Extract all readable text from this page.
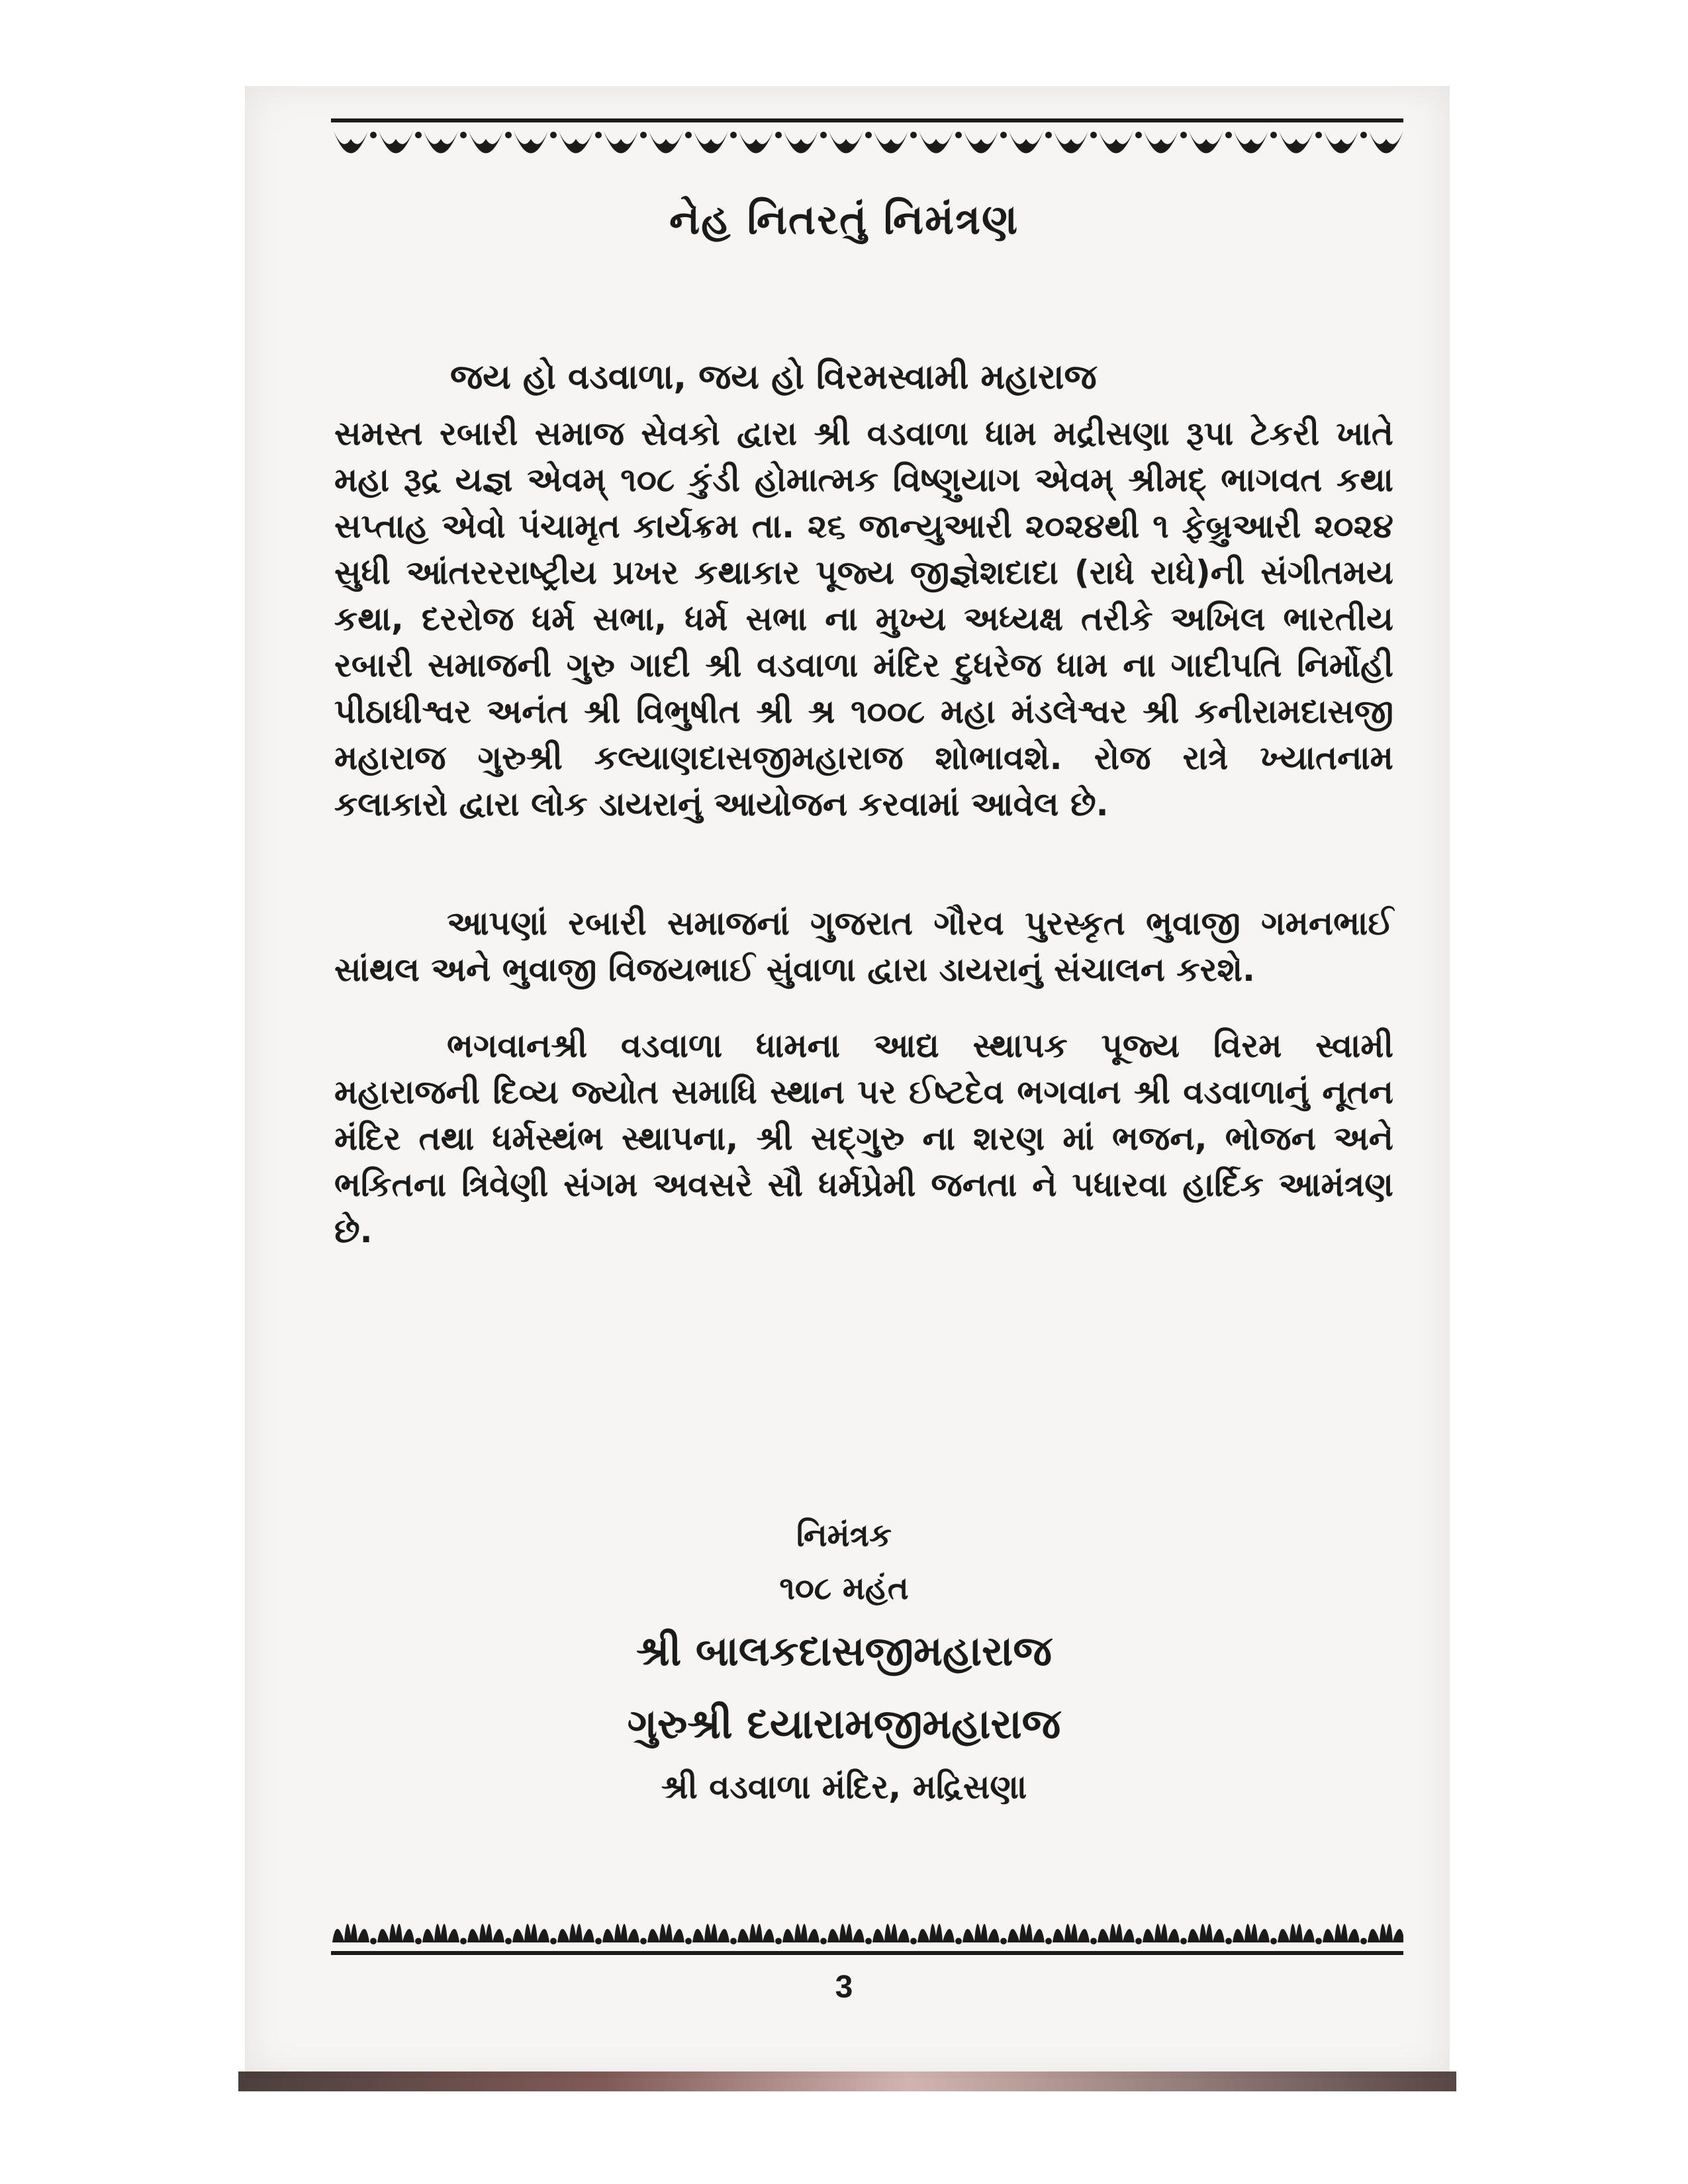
નેહ નિતરતું નિમંત્રણ
જય હો વડવાળા, જય હો વિરમસ્વામી મહારાજ
સમસ્ત રબારી સમાજ સેવકો દ્વારા શ્રી વડવાળા ધામ મદ્રીસણા રૂપા ટેકરી ખાતે મહા રૂદ્ર યજ્ઞ એવમ્ ૧૦૮ કુંડી હોમાત્મક વિષ્ણુયાગ એવમ્ શ્રીમદ્ ભાગવત કથા સપ્તાહ એવો પંચામૃત કાર્યક્રમ તા. ૨૬ જાન્યુઆરી ૨૦૨૪થી ૧ ફેબ્રુઆરી ૨૦૨૪ સુધી આંતરરરાષ્ટ્રીય પ્રખર કથાકાર પૂજ્ય જીજ્ઞેશદાદા (રાધે રાધે)ની સંગીતમય કથા, દરરોજ ધર્મ સભા, ધર્મ સભા ના મુખ્ય અધ્યક્ષ તરીકે અખિલ ભારતીય રબારી સમાજની ગુરુ ગાદી શ્રી વડવાળા મંદિર દુધરેજ ધામ ના ગાદીપતિ નિર્મોહી પીઠાધીશ્વર અનંત શ્રી વિભુષીત શ્રી શ્ર ૧૦૦૮ મહા મંડલેશ્વર શ્રી કનીરામદાસજી મહારાજ ગુરુશ્રી કલ્યાણદાસજીમહારાજ શોભાવશે. રોજ રાત્રે ખ્યાતનામ કલાકારો દ્વારા લોક ડાયરાનું આયોજન કરવામાં આવેલ છે.
આપણાં રબારી સમાજનાં ગુજરાત ગૌરવ પુરસ્કૃત ભુવાજી ગમનભાઈ સાંથલ અને ભુવાજી વિજયભાઈ સુંવાળા દ્વારા ડાયરાનું સંચાલન કરશે.
ભગવાનશ્રી વડવાળા ધામના આદ્ય સ્થાપક પૂજ્ય વિરમ સ્વામી મહારાજની દિવ્ય જ્યોત સમાધિ સ્થાન પર ઈષ્ટદેવ ભગવાન શ્રી વડવાળાનું નૂતન મંદિર તથા ધર્મસ્થંભ સ્થાપના, શ્રી સદ્ગુરુ ના શરણ માં ભજન, ભોજન અને ભકિતના ત્રિવેણી સંગમ અવસરે સૌ ધર્મપ્રેમી જનતા ને પધારવા હાર્દિક આમંત્રણ છે.
નિમંત્રક
૧૦૮ મહંત
શ્રી બાલકદાસજીમહારાજ
ગુરુશ્રી દયારામજીમહારાજ
શ્રી વડવાળા મંદિર, મદ્રિસણા
3
